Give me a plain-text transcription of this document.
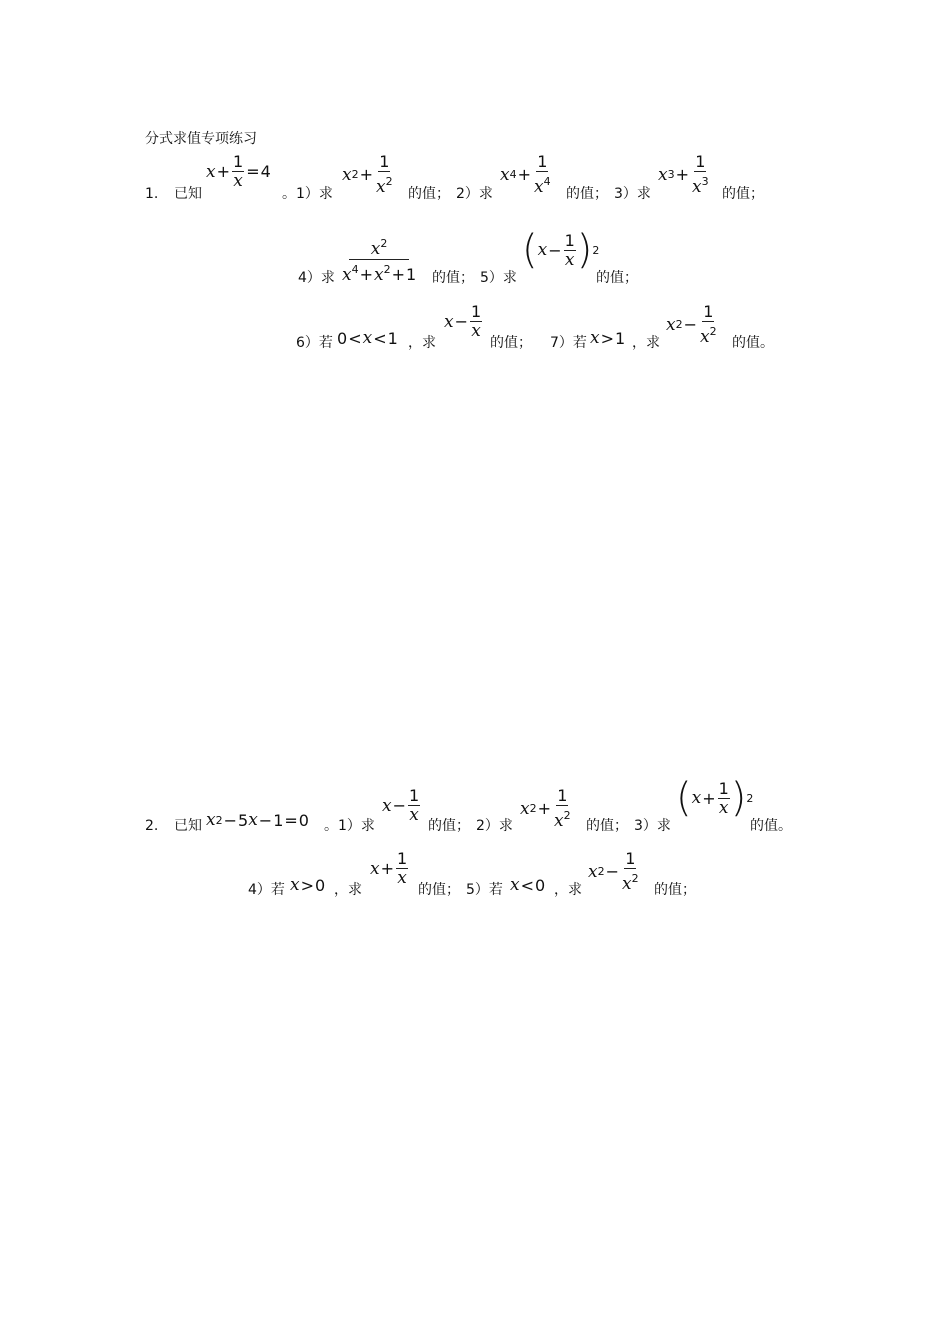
分式求值专项练习
1. 已知
$x + \frac{1}{x} = 4$
。1）求
x $2 + \frac{1}{x^2}$ 的值； 2）求
x $4 + \frac{1}{x^4}$ 的值； 3）求
x $3 + \frac{1}{x^3}$ 的值；
4）求 $\frac{x^2}{x^4+x^2+1}$ 的值； 5）求
( $x - \frac{1}{x}$ ) 2
的值；
6）若 0 < x < 1 ，求
$x - \frac{1}{x}$
的值； 7）若 x > 1 ，求
x $2 - \frac{1}{x^2}$ 的值。
2. 已知 x 2 − 5 x − 1 = 0 。1）求
$x - \frac{1}{x}$
的值； 2）求
x $2 + \frac{1}{x^2}$ 的值； 3）求
( $x + \frac{1}{x}$ ) 2
的值。
4）若 x > 0 ，求
$x + \frac{1}{x}$
的值； 5）若 x < 0 ，求
x $2 - \frac{1}{x^2}$ 的值；
